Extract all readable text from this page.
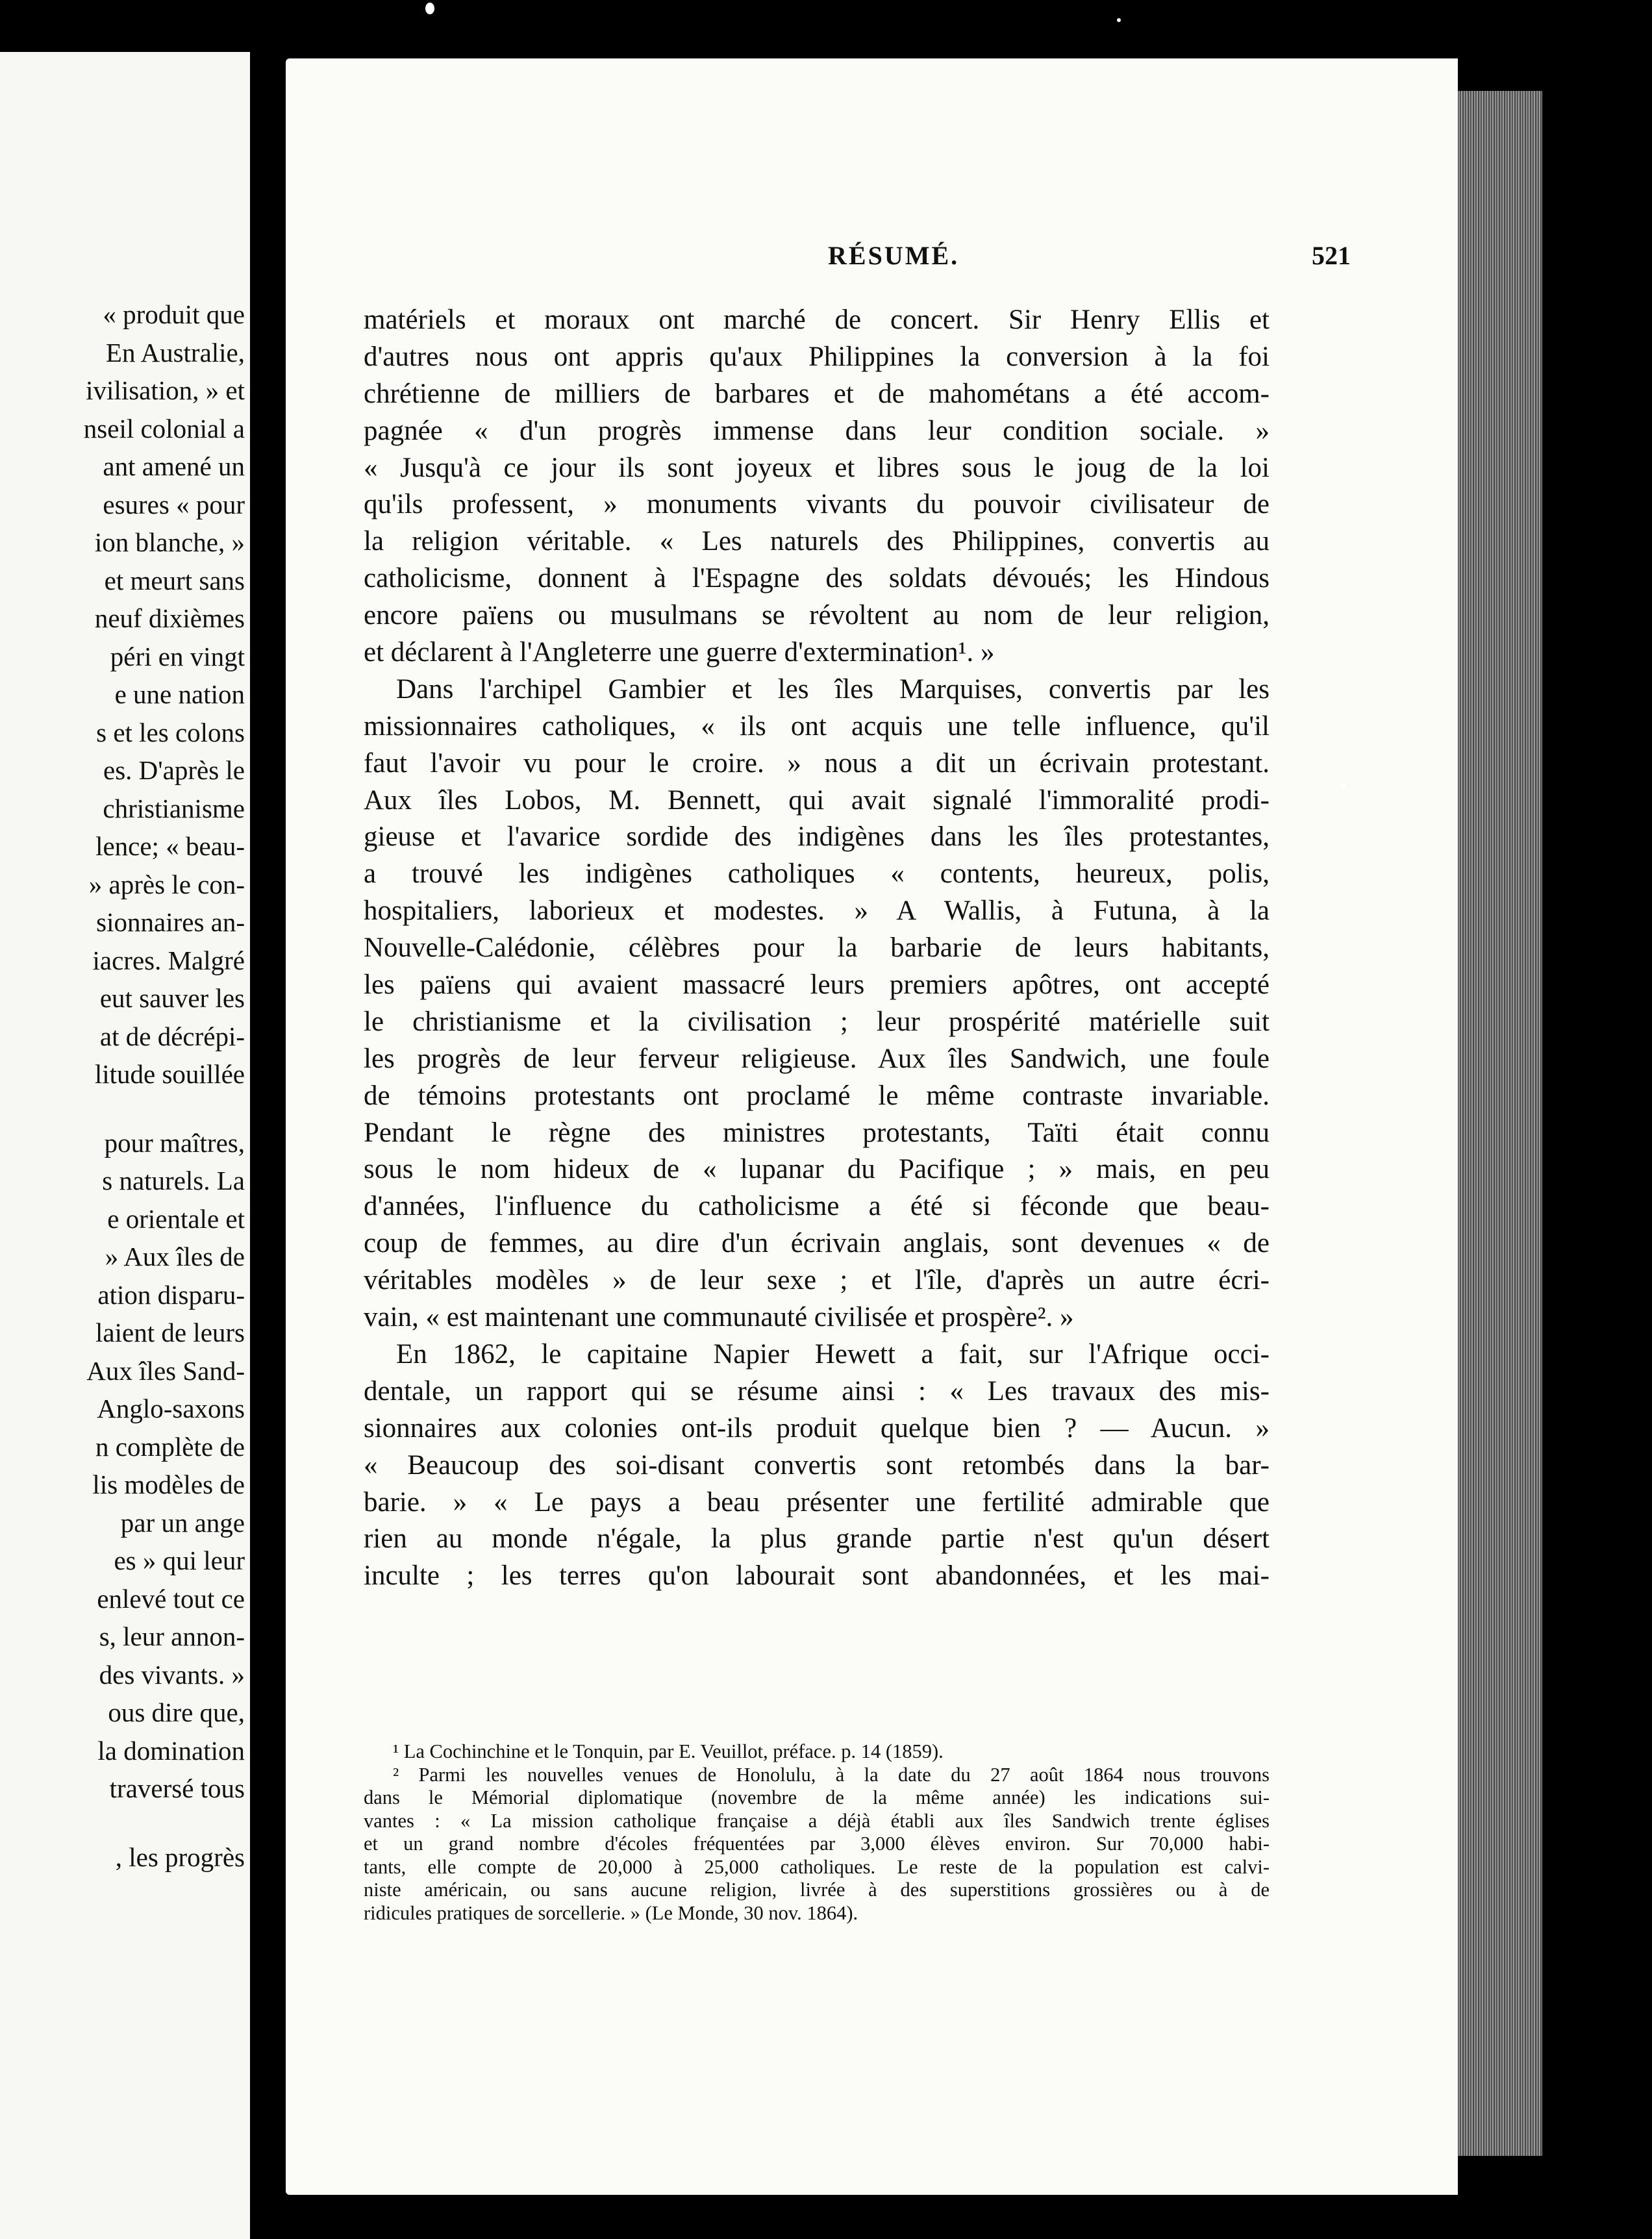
« produit que
En Australie,
ivilisation, » et
nseil colonial a
ant amené un
esures « pour
ion blanche, »
et meurt sans
neuf dixièmes
péri en vingt
e une nation
s et les colons
es. D'après le
christianisme
lence; « beau-
» après le con-
sionnaires an-
iacres. Malgré
eut sauver les
at de décrépi-
litude souillée
pour maîtres,
s naturels. La
e orientale et
» Aux îles de
ation disparu-
laient de leurs
Aux îles Sand-
Anglo-saxons
n complète de
lis modèles de
par un ange
es » qui leur
enlevé tout ce
s, leur annon-
des vivants. »
ous dire que,
la domination
traversé tous
, les progrès
RÉSUMÉ.	521
matériels et moraux ont marché de concert. Sir Henry Ellis et
d'autres nous ont appris qu'aux Philippines la conversion à la foi
chrétienne de milliers de barbares et de mahométans a été accom-
pagnée « d'un progrès immense dans leur condition sociale. »
« Jusqu'à ce jour ils sont joyeux et libres sous le joug de la loi
qu'ils professent, » monuments vivants du pouvoir civilisateur de
la religion véritable. « Les naturels des Philippines, convertis au
catholicisme, donnent à l'Espagne des soldats dévoués; les Hindous
encore païens ou musulmans se révoltent au nom de leur religion,
et déclarent à l'Angleterre une guerre d'extermination¹. »
Dans l'archipel Gambier et les îles Marquises, convertis par les
missionnaires catholiques, « ils ont acquis une telle influence, qu'il
faut l'avoir vu pour le croire. » nous a dit un écrivain protestant.
Aux îles Lobos, M. Bennett, qui avait signalé l'immoralité prodi-
gieuse et l'avarice sordide des indigènes dans les îles protestantes,
a trouvé les indigènes catholiques « contents, heureux, polis,
hospitaliers, laborieux et modestes. » A Wallis, à Futuna, à la
Nouvelle-Calédonie, célèbres pour la barbarie de leurs habitants,
les païens qui avaient massacré leurs premiers apôtres, ont accepté
le christianisme et la civilisation ; leur prospérité matérielle suit
les progrès de leur ferveur religieuse. Aux îles Sandwich, une foule
de témoins protestants ont proclamé le même contraste invariable.
Pendant le règne des ministres protestants, Taïti était connu
sous le nom hideux de « lupanar du Pacifique ; » mais, en peu
d'années, l'influence du catholicisme a été si féconde que beau-
coup de femmes, au dire d'un écrivain anglais, sont devenues « de
véritables modèles » de leur sexe ; et l'île, d'après un autre écri-
vain, « est maintenant une communauté civilisée et prospère². »
En 1862, le capitaine Napier Hewett a fait, sur l'Afrique occi-
dentale, un rapport qui se résume ainsi : « Les travaux des mis-
sionnaires aux colonies ont-ils produit quelque bien ? — Aucun. »
« Beaucoup des soi-disant convertis sont retombés dans la bar-
barie. » « Le pays a beau présenter une fertilité admirable que
rien au monde n'égale, la plus grande partie n'est qu'un désert
inculte ; les terres qu'on labourait sont abandonnées, et les mai-
¹ La Cochinchine et le Tonquin, par E. Veuillot, préface. p. 14 (1859).
² Parmi les nouvelles venues de Honolulu, à la date du 27 août 1864 nous trouvons
dans le Mémorial diplomatique (novembre de la même année) les indications sui-
vantes : « La mission catholique française a déjà établi aux îles Sandwich trente églises
et un grand nombre d'écoles fréquentées par 3,000 élèves environ. Sur 70,000 habi-
tants, elle compte de 20,000 à 25,000 catholiques. Le reste de la population est calvi-
niste américain, ou sans aucune religion, livrée à des superstitions grossières ou à de
ridicules pratiques de sorcellerie. » (Le Monde, 30 nov. 1864).
